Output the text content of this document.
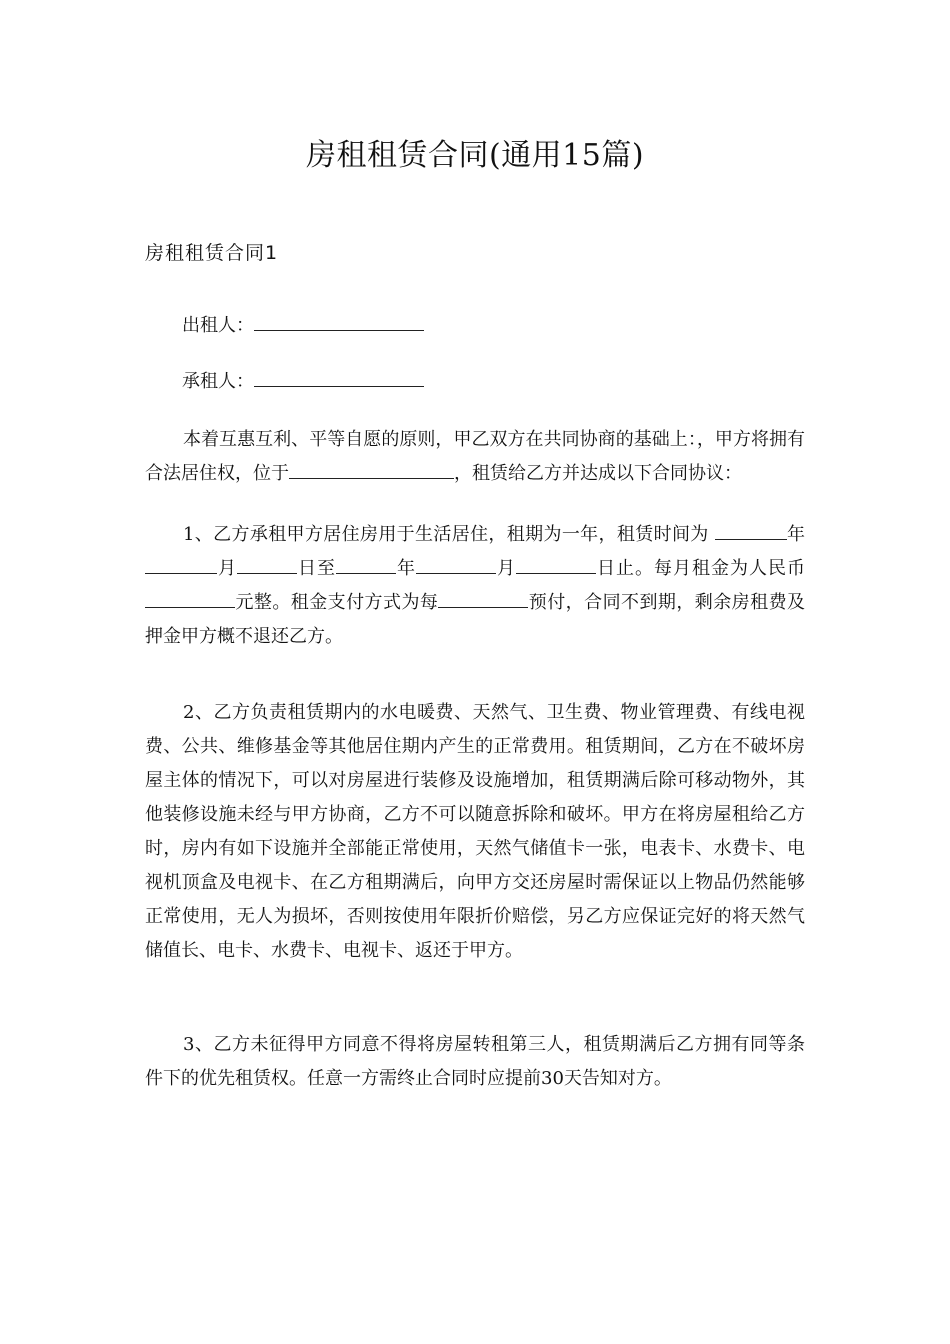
房租租赁合同(通用15篇)
房租租赁合同1

出租人：

承租人：

本着互惠互利、平等自愿的原则，甲乙双方在共同协商的基础上：，甲方将拥有合法居住权，位于	，租赁给乙方并达成以下合同协议：

1、乙方承租甲方居住房用于生活居住，租期为一年，租赁时间为	年月	日至	年	月	日止。每月租金为人民币元整。租金支付方式为每	预付，合同不到期，剩余房租费及押金甲方概不退还乙方。

2、乙方负责租赁期内的水电暖费、天然气、卫生费、物业管理费、有线电视费、公共、维修基金等其他居住期内产生的正常费用。租赁期间，乙方在不破坏房屋主体的情况下，可以对房屋进行装修及设施增加，租赁期满后除可移动物外，其他装修设施未经与甲方协商，乙方不可以随意拆除和破坏。甲方在将房屋租给乙方时，房内有如下设施并全部能正常使用，天然气储值卡一张，电表卡、水费卡、电视机顶盒及电视卡、在乙方租期满后，向甲方交还房屋时需保证以上物品仍然能够正常使用，无人为损坏，否则按使用年限折价赔偿，另乙方应保证完好的将天然气储值长、电卡、水费卡、电视卡、返还于甲方。

3、乙方未征得甲方同意不得将房屋转租第三人，租赁期满后乙方拥有同等条件下的优先租赁权。任意一方需终止合同时应提前30天告知对方。
